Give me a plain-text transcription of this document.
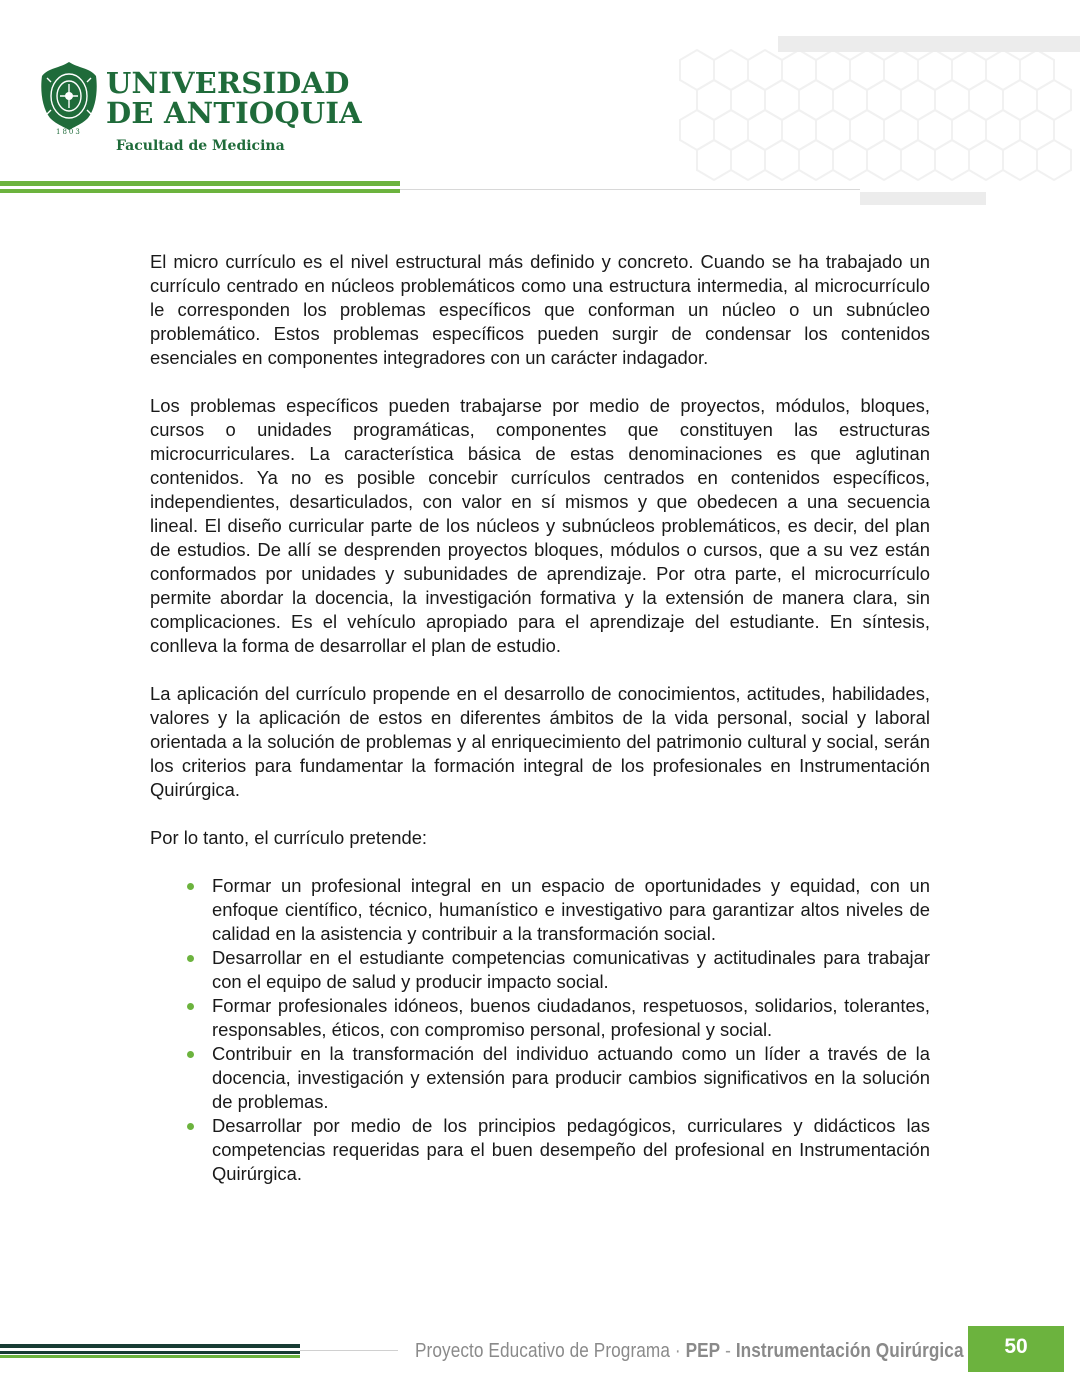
UNIVERSIDAD
DE ANTIOQUIA
1803
Facultad de Medicina

El micro currículo es el nivel estructural más definido y concreto. Cuando se ha trabajado un currículo centrado en núcleos problemáticos como una estructura intermedia, al microcurrículo le corresponden los problemas específicos que conforman un núcleo o un subnúcleo problemático. Estos problemas específicos pueden surgir de condensar los contenidos esenciales en componentes integradores con un carácter indagador.

Los problemas específicos pueden trabajarse por medio de proyectos, módulos, bloques, cursos o unidades programáticas, componentes que constituyen las estructuras microcurriculares. La característica básica de estas denominaciones es que aglutinan contenidos. Ya no es posible concebir currículos centrados en contenidos específicos, independientes, desarticulados, con valor en sí mismos y que obedecen a una secuencia lineal. El diseño curricular parte de los núcleos y subnúcleos problemáticos, es decir, del plan de estudios. De allí se desprenden proyectos bloques, módulos o cursos, que a su vez están conformados por unidades y subunidades de aprendizaje. Por otra parte, el microcurrículo permite abordar la docencia, la investigación formativa y la extensión de manera clara, sin complicaciones. Es el vehículo apropiado para el aprendizaje del estudiante. En síntesis, conlleva la forma de desarrollar el plan de estudio.

La aplicación del currículo propende en el desarrollo de conocimientos, actitudes, habilidades, valores y la aplicación de estos en diferentes ámbitos de la vida personal, social y laboral orientada a la solución de problemas y al enriquecimiento del patrimonio cultural y social, serán los criterios para fundamentar la formación integral de los profesionales en Instrumentación Quirúrgica.

Por lo tanto, el currículo pretende:

Formar un profesional integral en un espacio de oportunidades y equidad, con un enfoque científico, técnico, humanístico e investigativo para garantizar altos niveles de calidad en la asistencia y contribuir a la transformación social.
Desarrollar en el estudiante competencias comunicativas y actitudinales para trabajar con el equipo de salud y producir impacto social.
Formar profesionales idóneos, buenos ciudadanos, respetuosos, solidarios, tolerantes, responsables, éticos, con compromiso personal, profesional y social.
Contribuir en la transformación del individuo actuando como un líder a través de la docencia, investigación y extensión para producir cambios significativos en la solución de problemas.
Desarrollar por medio de los principios pedagógicos, curriculares y didácticos las competencias requeridas para el buen desempeño del profesional en Instrumentación Quirúrgica.
Proyecto Educativo de Programa · PEP - Instrumentación Quirúrgica	50
